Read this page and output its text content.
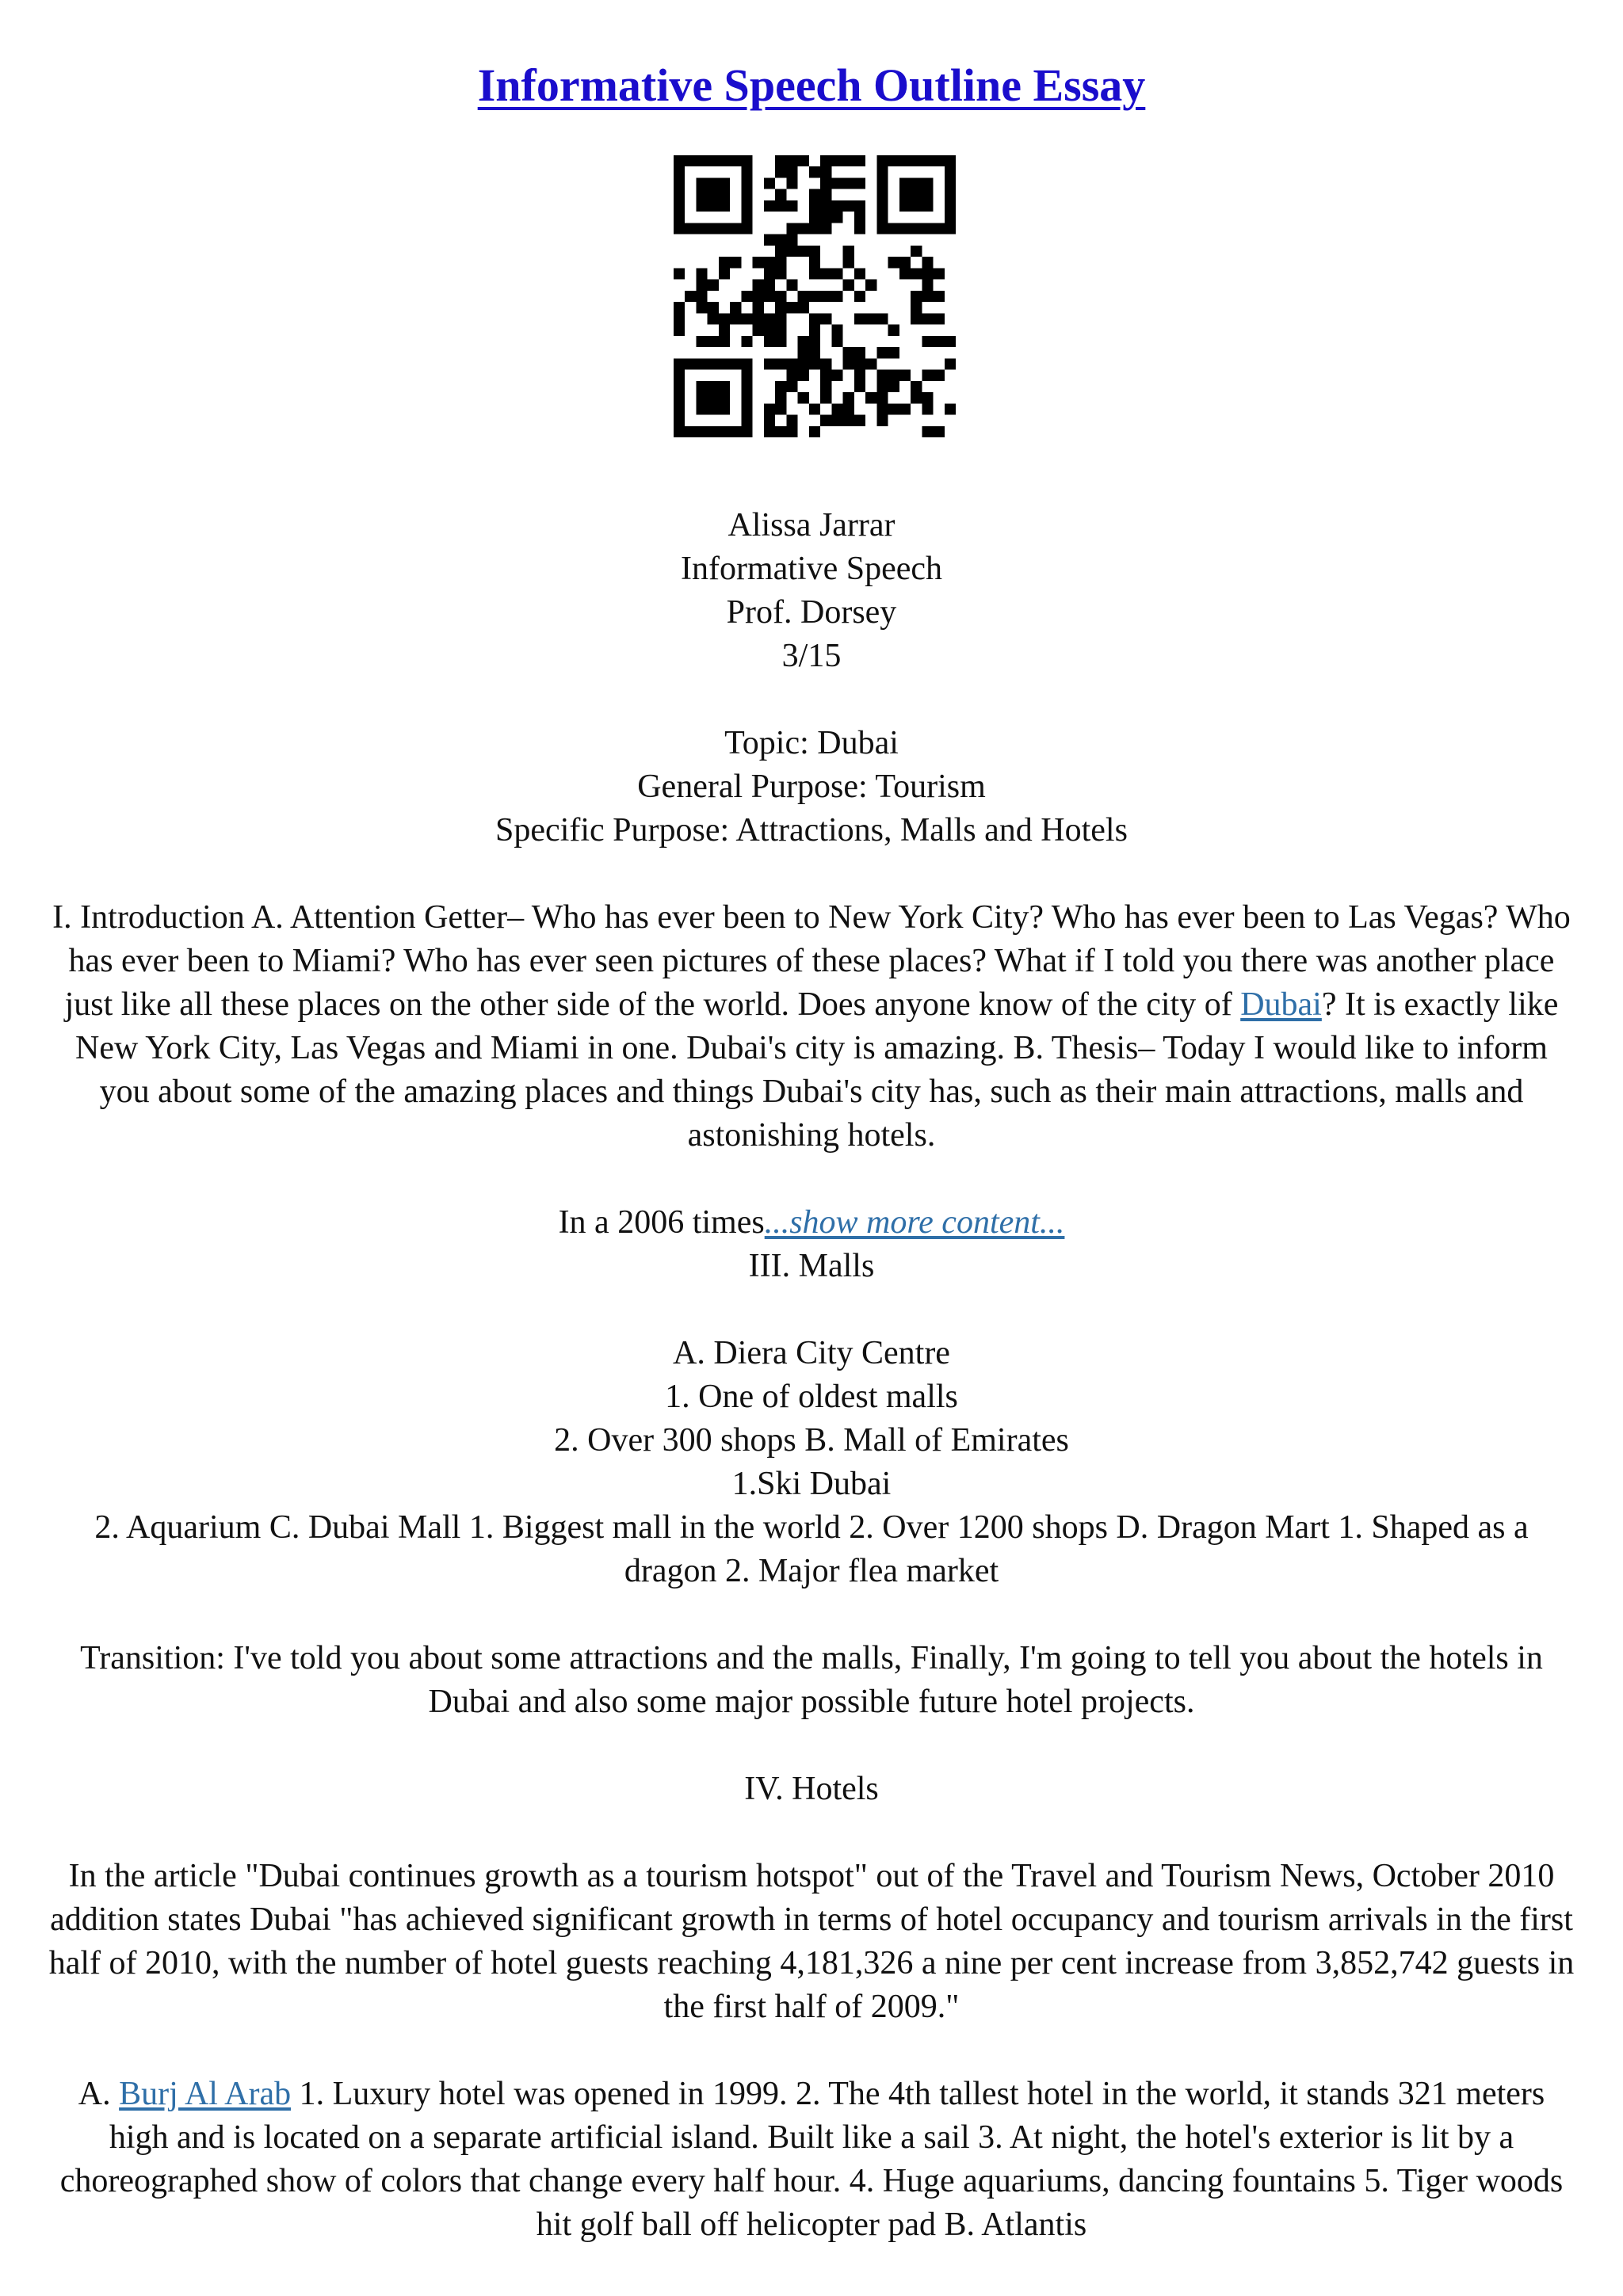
Informative Speech Outline Essay
Alissa Jarrar
Informative Speech
Prof. Dorsey
3/15
Topic: Dubai
General Purpose: Tourism
Specific Purpose: Attractions, Malls and Hotels
I. Introduction A. Attention Getter– Who has ever been to New York City? Who has ever been to Las Vegas? Who has ever been to Miami? Who has ever seen pictures of these places? What if I told you there was another place just like all these places on the other side of the world. Does anyone know of the city of Dubai? It is exactly like New York City, Las Vegas and Miami in one. Dubai's city is amazing. B. Thesis– Today I would like to inform you about some of the amazing places and things Dubai's city has, such as their main attractions, malls and astonishing hotels.
In a 2006 times...show more content...
III. Malls
A. Diera City Centre
1. One of oldest malls
2. Over 300 shops B. Mall of Emirates
1.Ski Dubai
2. Aquarium C. Dubai Mall 1. Biggest mall in the world 2. Over 1200 shops D. Dragon Mart 1. Shaped as a dragon 2. Major flea market
Transition: I've told you about some attractions and the malls, Finally, I'm going to tell you about the hotels in Dubai and also some major possible future hotel projects.
IV. Hotels
In the article "Dubai continues growth as a tourism hotspot" out of the Travel and Tourism News, October 2010 addition states Dubai "has achieved significant growth in terms of hotel occupancy and tourism arrivals in the first half of 2010, with the number of hotel guests reaching 4,181,326 a nine per cent increase from 3,852,742 guests in the first half of 2009."
A. Burj Al Arab 1. Luxury hotel was opened in 1999. 2. The 4th tallest hotel in the world, it stands 321 meters high and is located on a separate artificial island. Built like a sail 3. At night, the hotel's exterior is lit by a choreographed show of colors that change every half hour. 4. Huge aquariums, dancing fountains 5. Tiger woods hit golf ball off helicopter pad B. Atlantis
